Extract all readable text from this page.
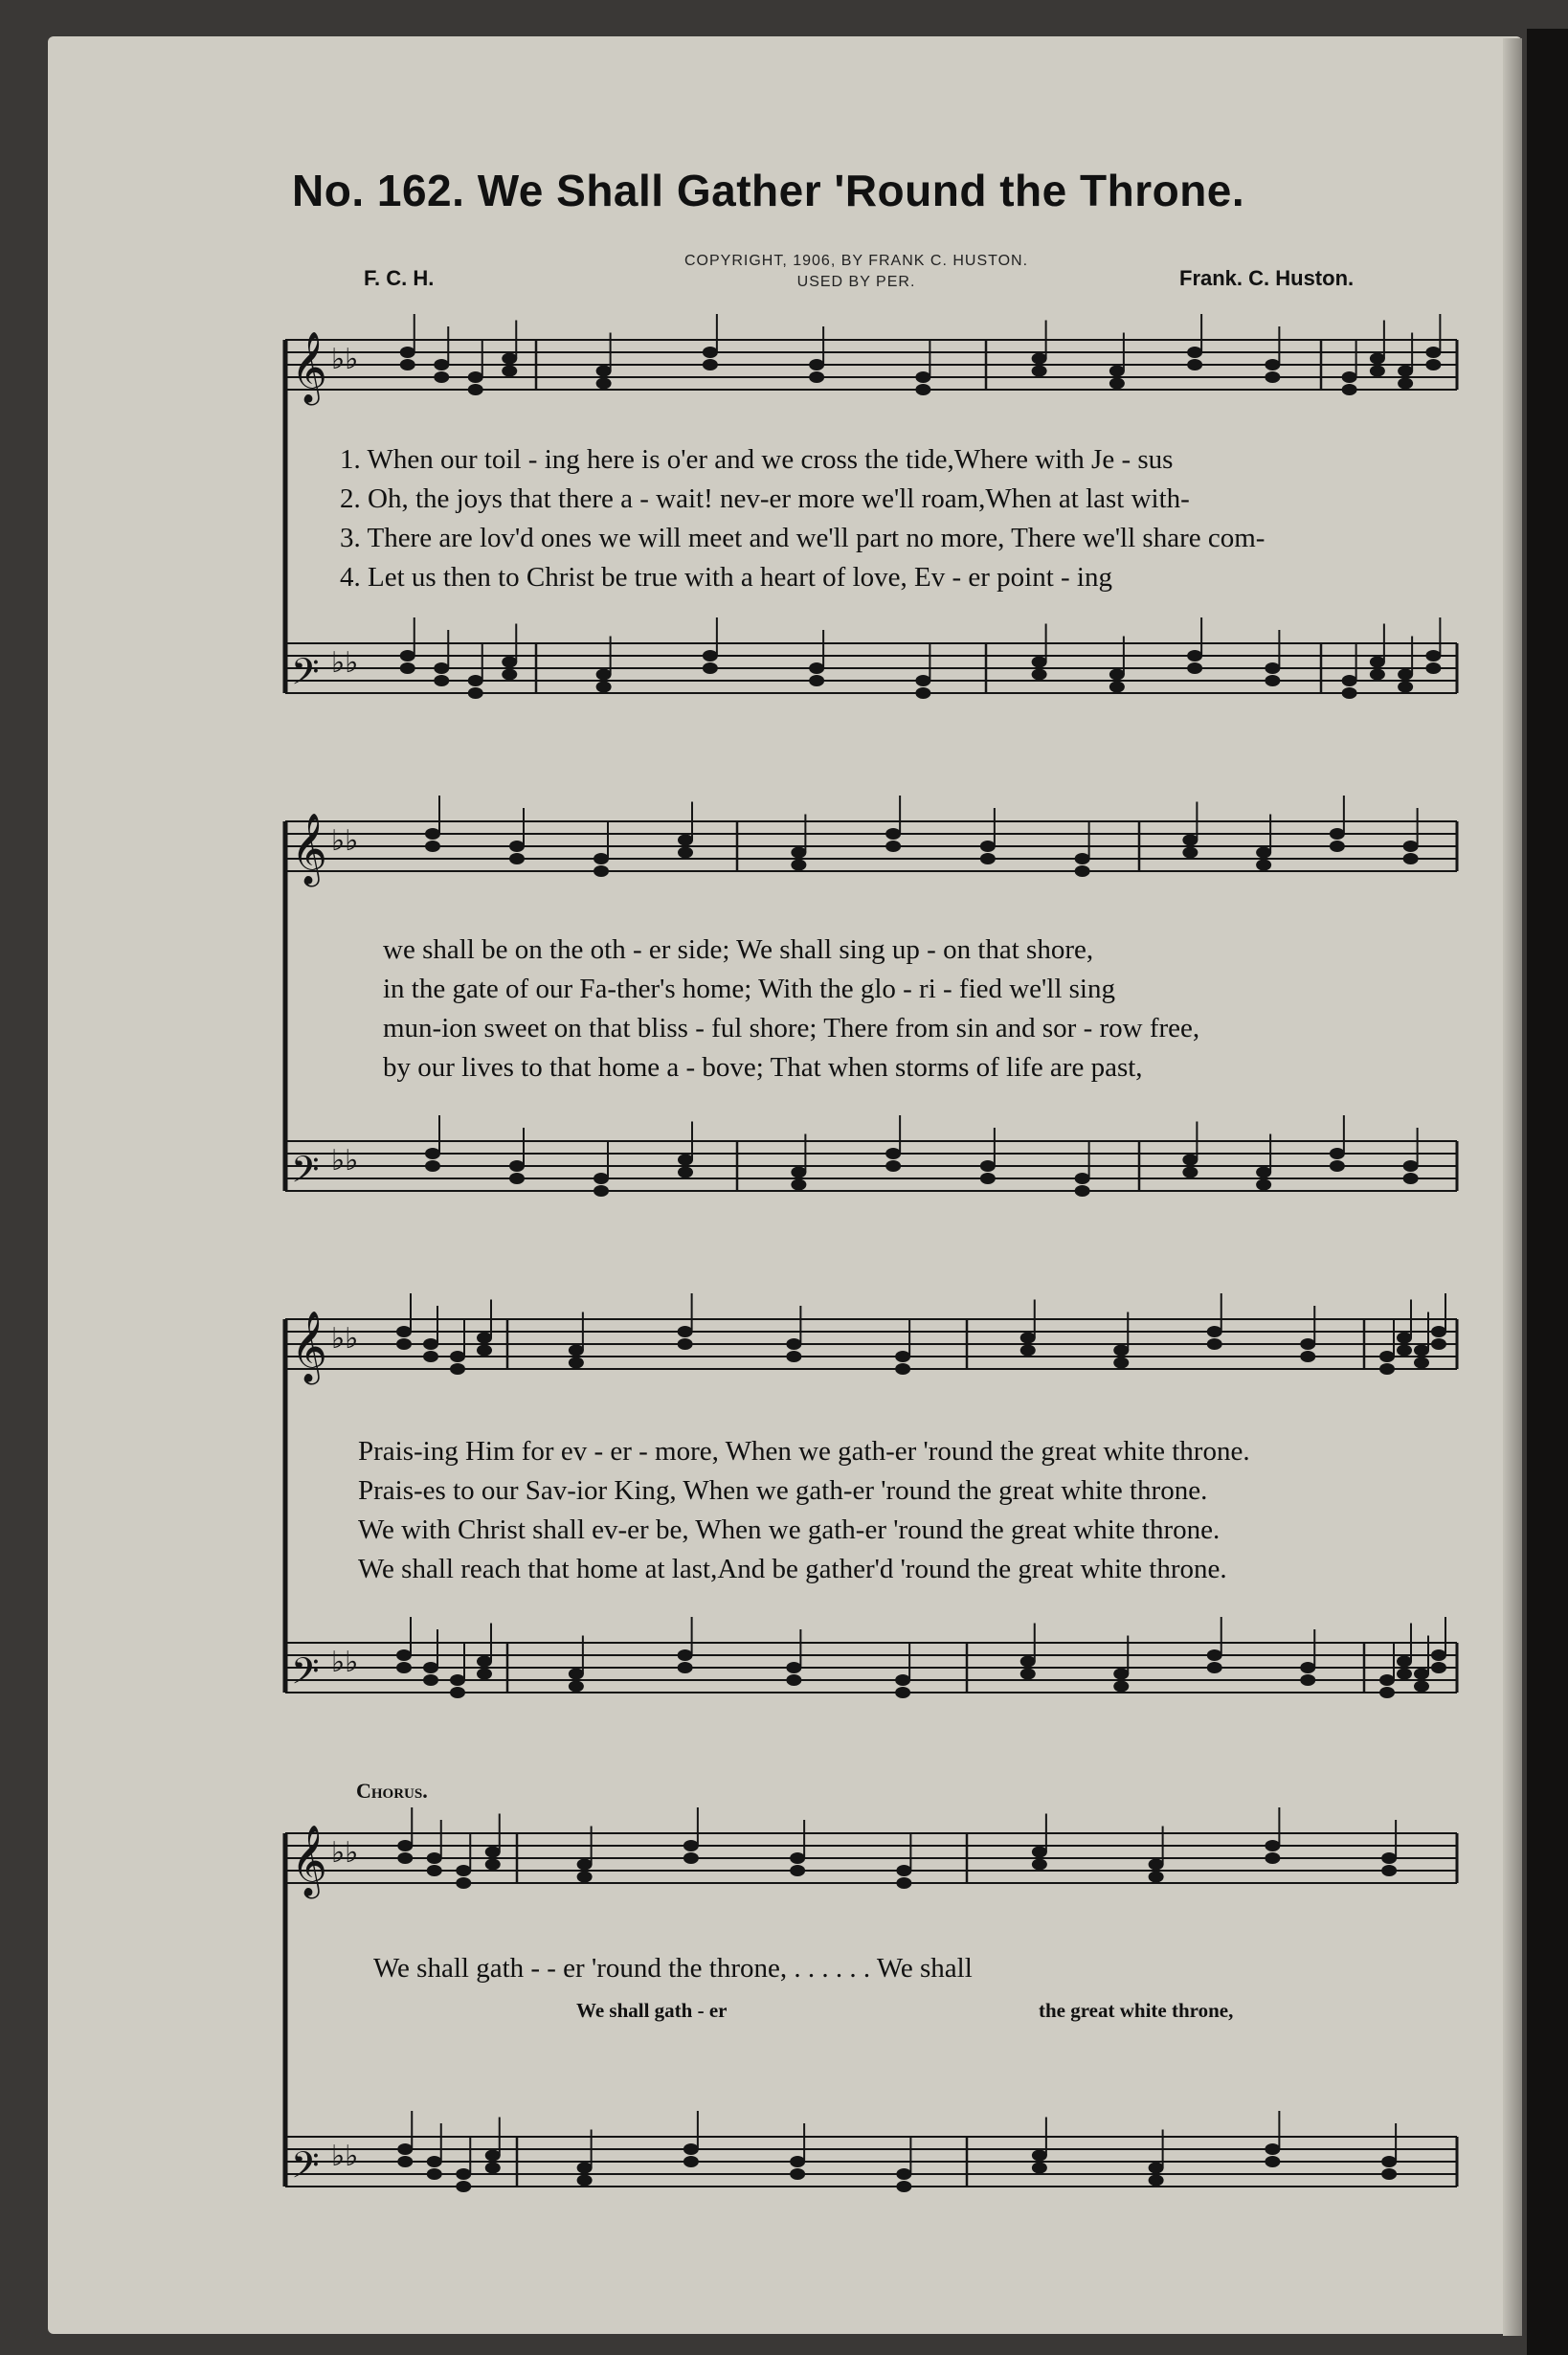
No. 162. We Shall Gather 'Round the Throne.
COPYRIGHT, 1906, BY FRANK C. HUSTON.
USED BY PER.
F. C. H.	Frank. C. Huston.
𝄞 ♭♭
𝄢 ♭♭
𝄞 ♭♭
𝄢 ♭♭
𝄞 ♭♭
𝄢 ♭♭
𝄞 ♭♭
𝄢 ♭♭
1. When our toil - ing here is o'er and we cross the tide,Where with Je - sus
2. Oh, the joys that there a - wait! nev-er more we'll roam,When at last with-
3. There are lov'd ones we will meet and we'll part no more, There we'll share com-
4. Let us then to Christ be true with a heart of love, Ev - er point - ing
we shall be on the oth - er side; We shall sing up - on that shore,
in the gate of our Fa-ther's home; With the glo - ri - fied we'll sing
mun-ion sweet on that bliss - ful shore; There from sin and sor - row free,
by our lives to that home a - bove; That when storms of life are past,
Prais-ing Him for ev - er - more, When we gath-er 'round the great white throne.
Prais-es to our Sav-ior King, When we gath-er 'round the great white throne.
We with Christ shall ev-er be, When we gath-er 'round the great white throne.
We shall reach that home at last,And be gather'd 'round the great white throne.
Chorus.
We shall gath - - er 'round the throne, . . . . . . We shall
We shall gath - er	the great white throne,
